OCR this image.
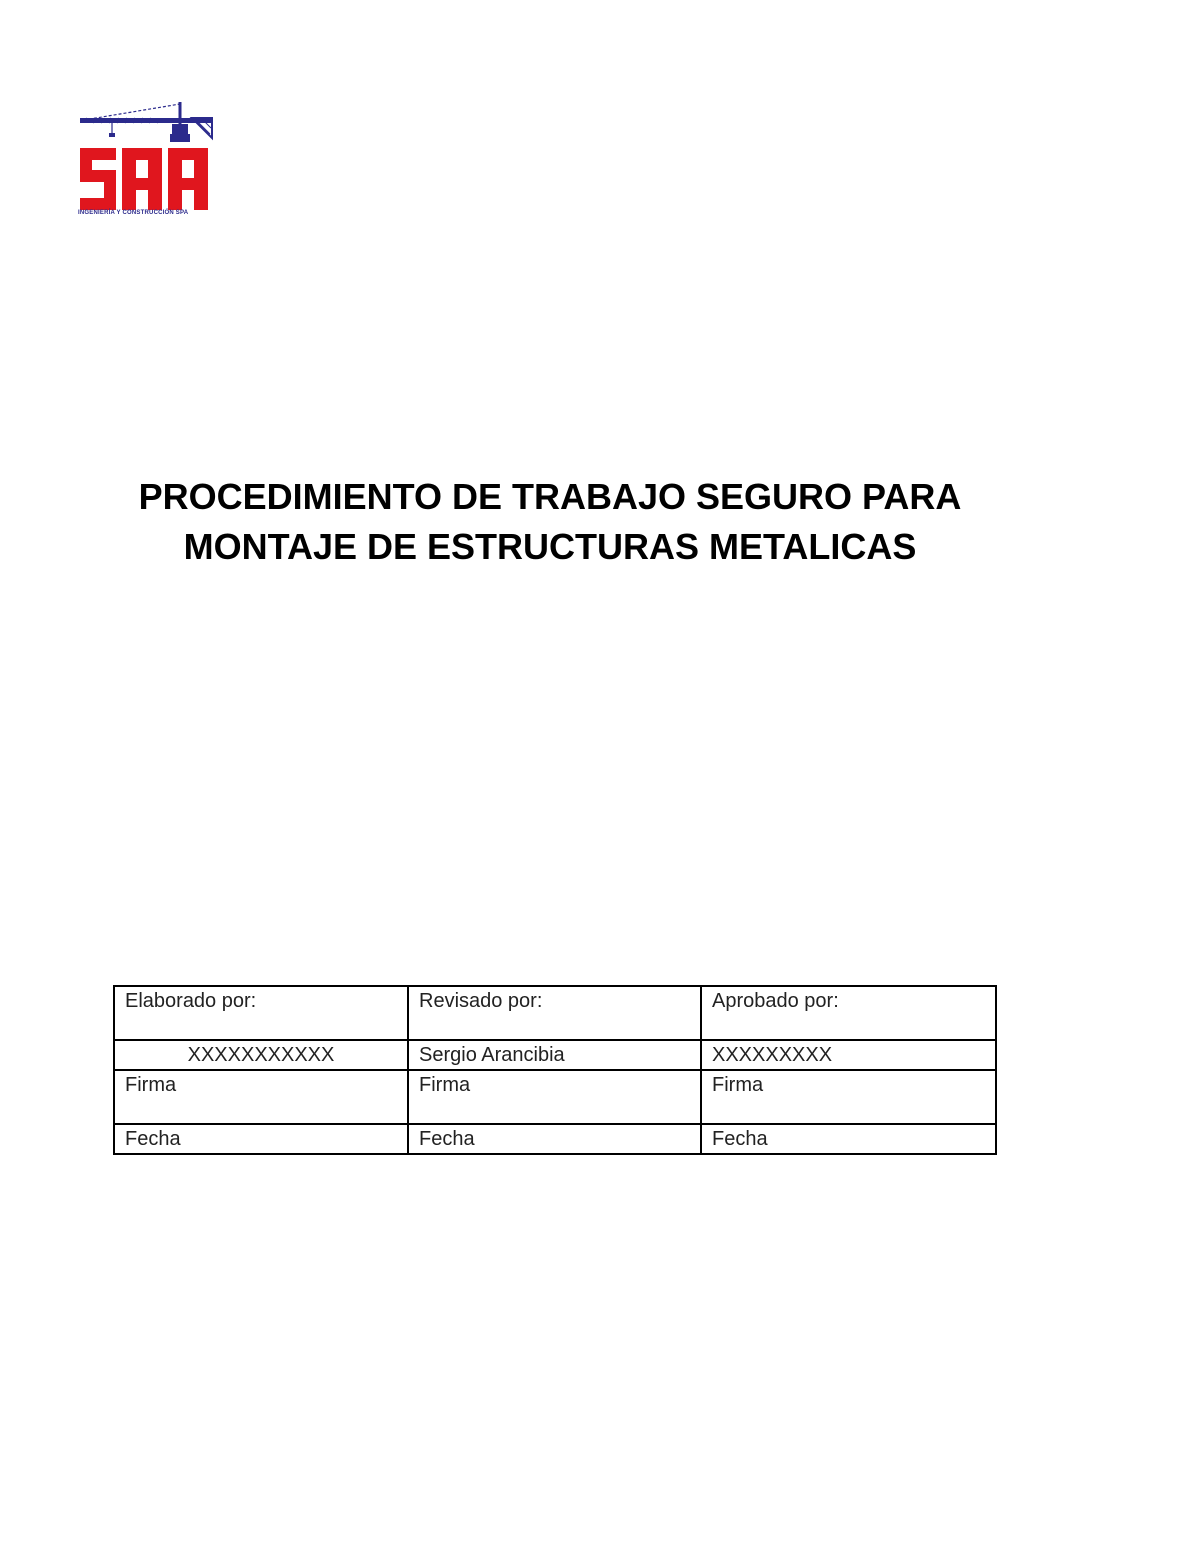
INGENIERÍA Y CONSTRUCCIÓN SPA
PROCEDIMIENTO DE TRABAJO SEGURO PARA
MONTAJE DE ESTRUCTURAS METALICAS
Elaborado por:	Revisado por:	Aprobado por:
XXXXXXXXXXX	Sergio Arancibia	XXXXXXXXX
Firma	Firma	Firma
Fecha	Fecha	Fecha
